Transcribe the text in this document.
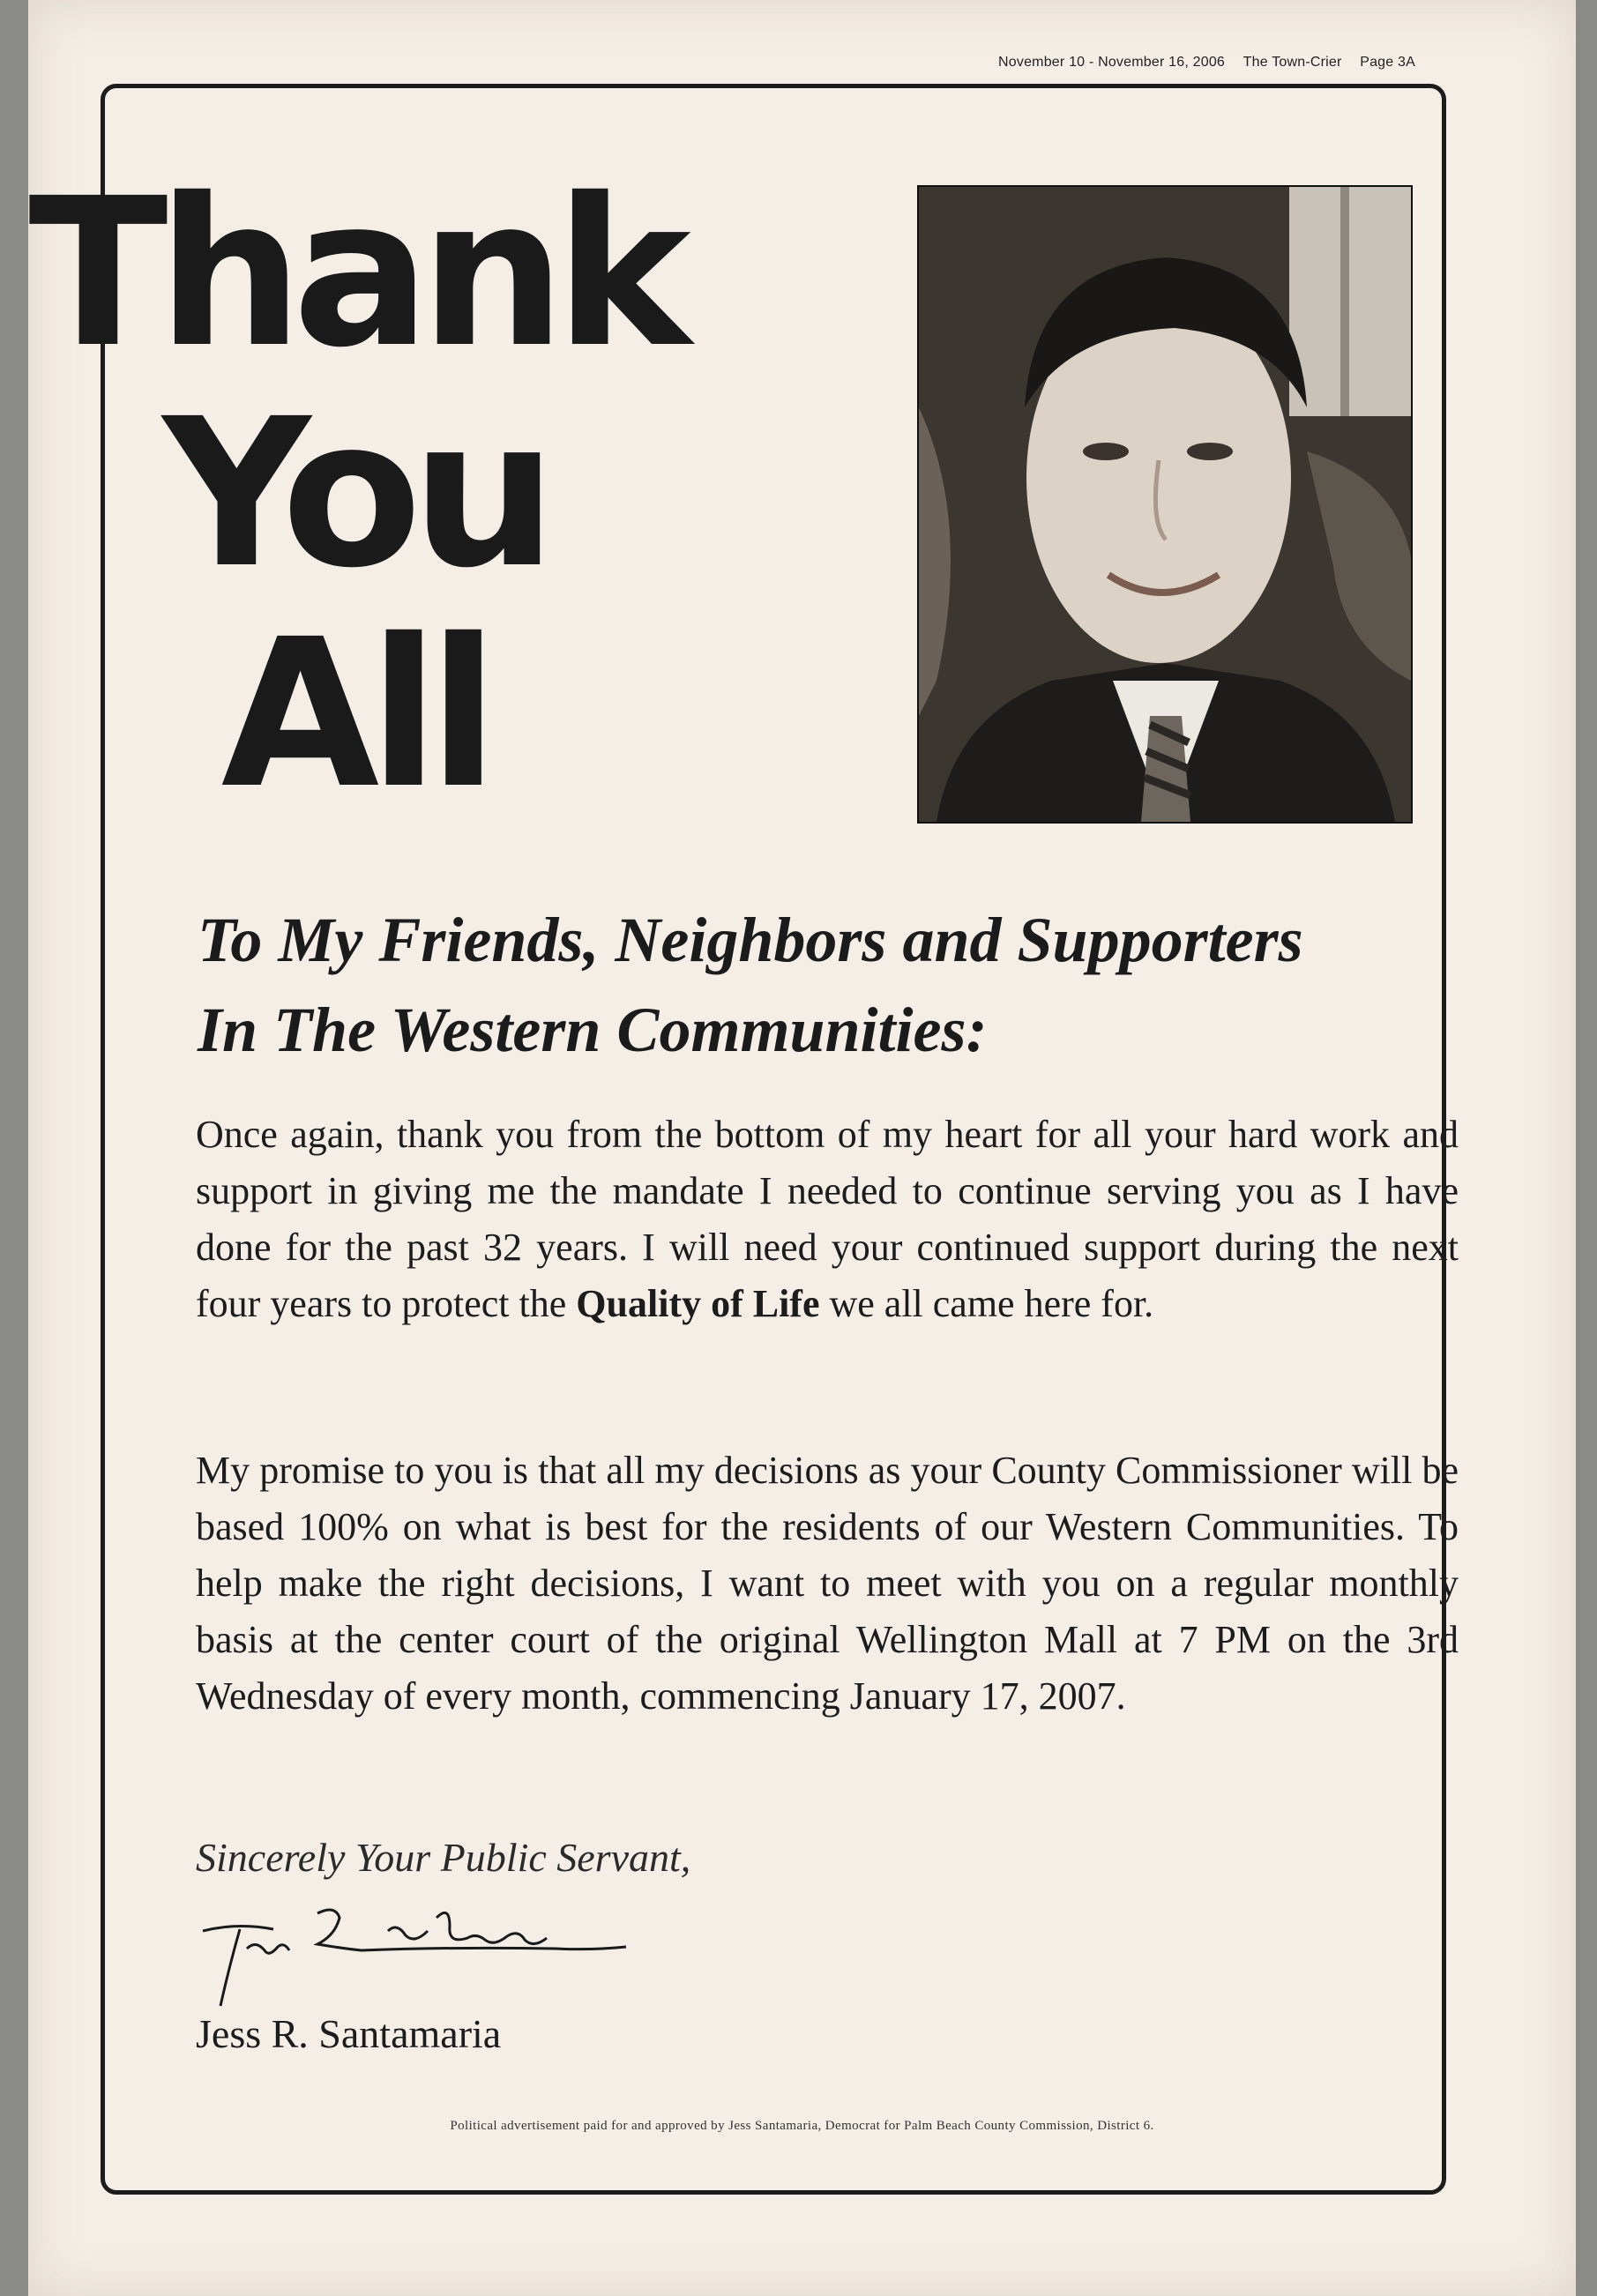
November 10 - November 16, 2006 The Town-Crier Page 3A
Thank
You
All
To My Friends, Neighbors and Supporters
In The Western Communities:

Once again, thank you from the bottom of my heart for all your hard work and support in giving me the mandate I needed to continue serving you as I have done for the past 32 years. I will need your continued support during the next four years to protect the Quality of Life we all came here for.

My promise to you is that all my decisions as your County Commissioner will be based 100% on what is best for the residents of our Western Communities. To help make the right decisions, I want to meet with you on a regular monthly basis at the center court of the original Wellington Mall at 7 PM on the 3rd Wednesday of every month, commencing January 17, 2007.

Sincerely Your Public Servant,
Jess R. Santamaria
Political advertisement paid for and approved by Jess Santamaria, Democrat for Palm Beach County Commission, District 6.
